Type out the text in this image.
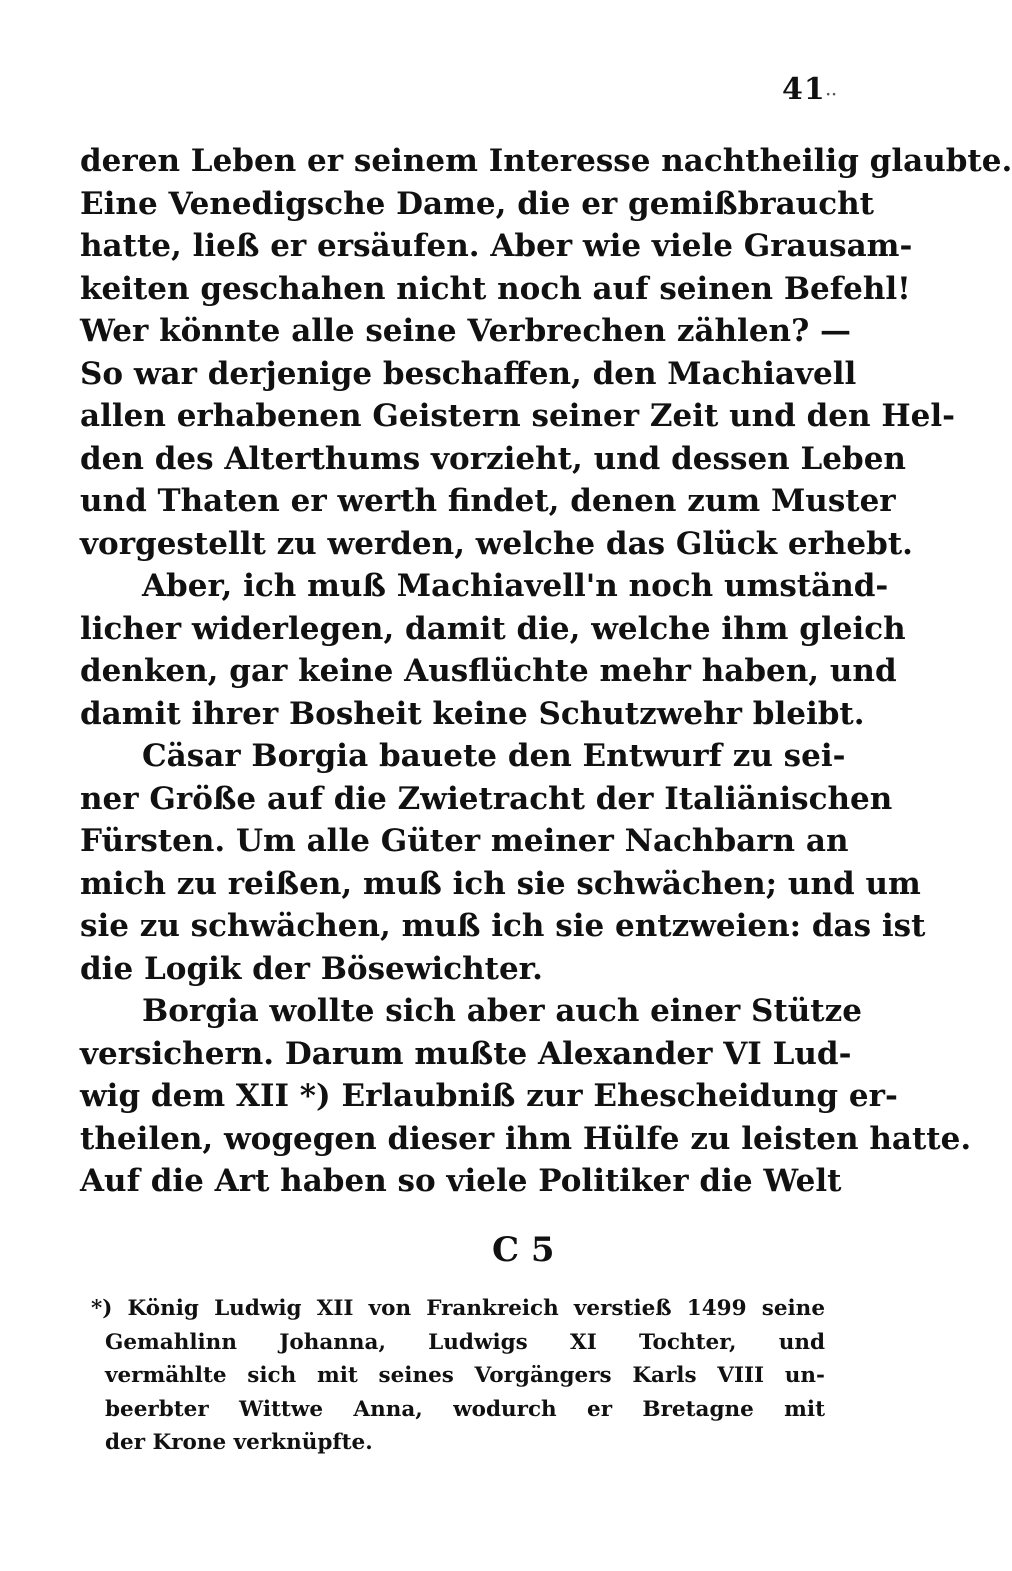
41··
deren Leben er seinem Interesse nachtheilig glaubte.
Eine Venedigsche Dame, die er gemißbraucht
hatte, ließ er ersäufen. Aber wie viele Grausam-
keiten geschahen nicht noch auf seinen Befehl!
Wer könnte alle seine Verbrechen zählen? —
So war derjenige beschaffen, den Machiavell
allen erhabenen Geistern seiner Zeit und den Hel-
den des Alterthums vorzieht, und dessen Leben
und Thaten er werth findet, denen zum Muster
vorgestellt zu werden, welche das Glück erhebt.
Aber, ich muß Machiavell'n noch umständ-
licher widerlegen, damit die, welche ihm gleich
denken, gar keine Ausflüchte mehr haben, und
damit ihrer Bosheit keine Schutzwehr bleibt.
Cäsar Borgia bauete den Entwurf zu sei-
ner Größe auf die Zwietracht der Italiänischen
Fürsten. Um alle Güter meiner Nachbarn an
mich zu reißen, muß ich sie schwächen; und um
sie zu schwächen, muß ich sie entzweien: das ist
die Logik der Bösewichter.
Borgia wollte sich aber auch einer Stütze
versichern. Darum mußte Alexander VI Lud-
wig dem XII *) Erlaubniß zur Ehescheidung er-
theilen, wogegen dieser ihm Hülfe zu leisten hatte.
Auf die Art haben so viele Politiker die Welt
C 5
*) König Ludwig XII von Frankreich verstieß 1499 seine
Gemahlinn Johanna, Ludwigs XI Tochter, und
vermählte sich mit seines Vorgängers Karls VIII un-
beerbter Wittwe Anna, wodurch er Bretagne mit
der Krone verknüpfte.
